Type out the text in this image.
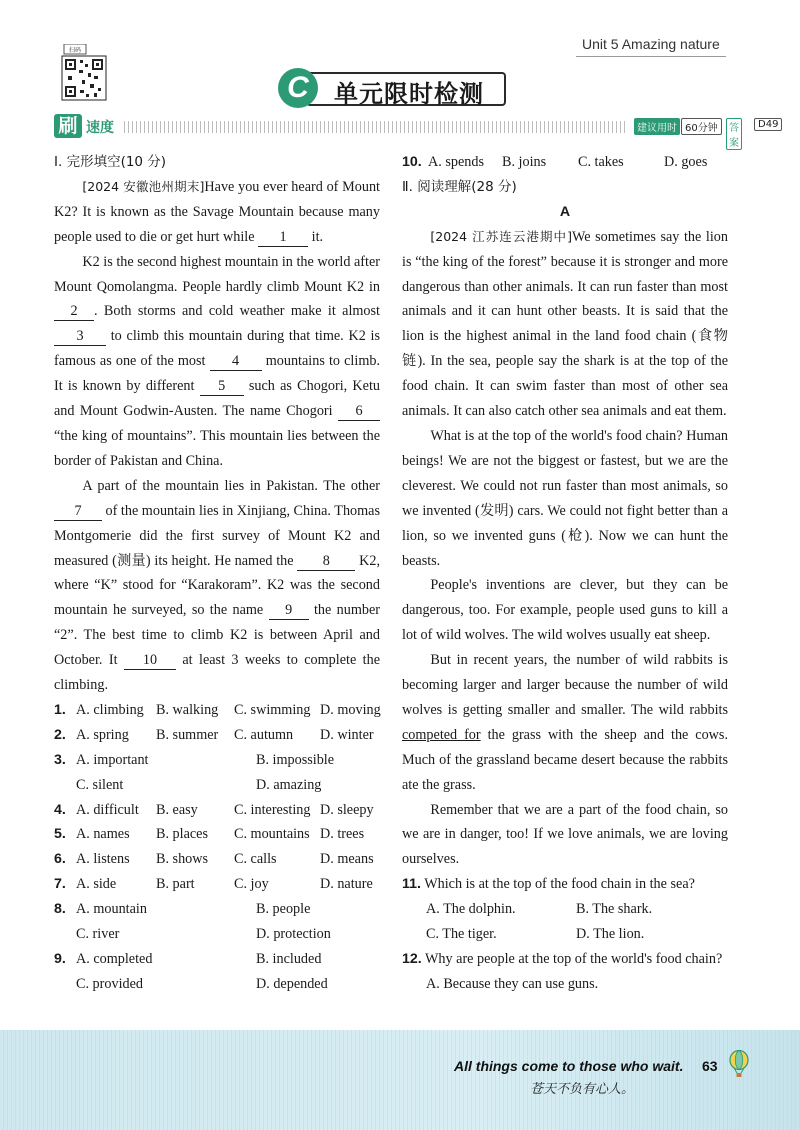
扫码	Unit 5 Amazing nature
C	单元限时检测
刷 速度	建议用时 60分钟	答案
D49

Ⅰ. 完形填空(10 分)

[2024 安徽池州期末]Have you ever heard of Mount K2? It is known as the Savage Mountain because many people used to die or get hurt while 1 it.

K2 is the second highest mountain in the world after Mount Qomolangma. People hardly climb Mount K2 in 2 . Both storms and cold weather make it almost 3 to climb this mountain during that time. K2 is famous as one of the most 4 mountains to climb. It is known by different 5 such as Chogori, Ketu and Mount Godwin-Austen. The name Chogori 6 “the king of mountains”. This mountain lies between the border of Pakistan and China.

A part of the mountain lies in Pakistan. The other 7 of the mountain lies in Xinjiang, China. Thomas Montgomerie did the first survey of Mount K2 and measured (测量) its height. He named the 8 K2, where “K” stood for “Karakoram”. K2 was the second mountain he surveyed, so the name 9 the number “2”. The best time to climb K2 is between April and October. It 10 at least 3 weeks to complete the climbing.

1. A. climbing B. walking	C. swimming D. moving
2. A. spring	B. summer	C. autumn	D. winter
3. A. important	B. impossible
C. silent	D. amazing
4. A. difficult	B. easy	C. interesting D. sleepy
5. A. names	B. places	C. mountains D. trees
6. A. listens	B. shows	C. calls	D. means
7. A. side	B. part	C. joy	D. nature
8. A. mountain	B. people
C. river	D. protection
9. A. completed	B. included
C. provided	D. depended
10. A. spends	B. joins	C. takes	D. goes

Ⅱ. 阅读理解(28 分)

A

[2024 江苏连云港期中]We sometimes say the lion is “the king of the forest” because it is stronger and more dangerous than other animals. It can run faster than most animals and it can hunt other beasts. It is said that the lion is the highest animal in the land food chain (食物链). In the sea, people say the shark is at the top of the food chain. It can swim faster than most of other sea animals. It can also catch other sea animals and eat them.

What is at the top of the world's food chain? Human beings! We are not the biggest or fastest, but we are the cleverest. We could not run faster than most animals, so we invented (发明) cars. We could not fight better than a lion, so we invented guns (枪). Now we can hunt the beasts.

People's inventions are clever, but they can be dangerous, too. For example, people used guns to kill a lot of wild wolves. The wild wolves usually eat sheep.

But in recent years, the number of wild rabbits is becoming larger and larger because the number of wild wolves is getting smaller and smaller. The wild rabbits competed for the grass with the sheep and the cows. Much of the grassland became desert because the rabbits ate the grass.

Remember that we are a part of the food chain, so we are in danger, too! If we love animals, we are loving ourselves.

11. Which is at the top of the food chain in the sea?

A. The dolphin.	B. The shark.
C. The tiger.	D. The lion.

12. Why are people at the top of the world's food chain?

A. Because they can use guns.
All things come to those who wait.
苍天不负有心人。
63
